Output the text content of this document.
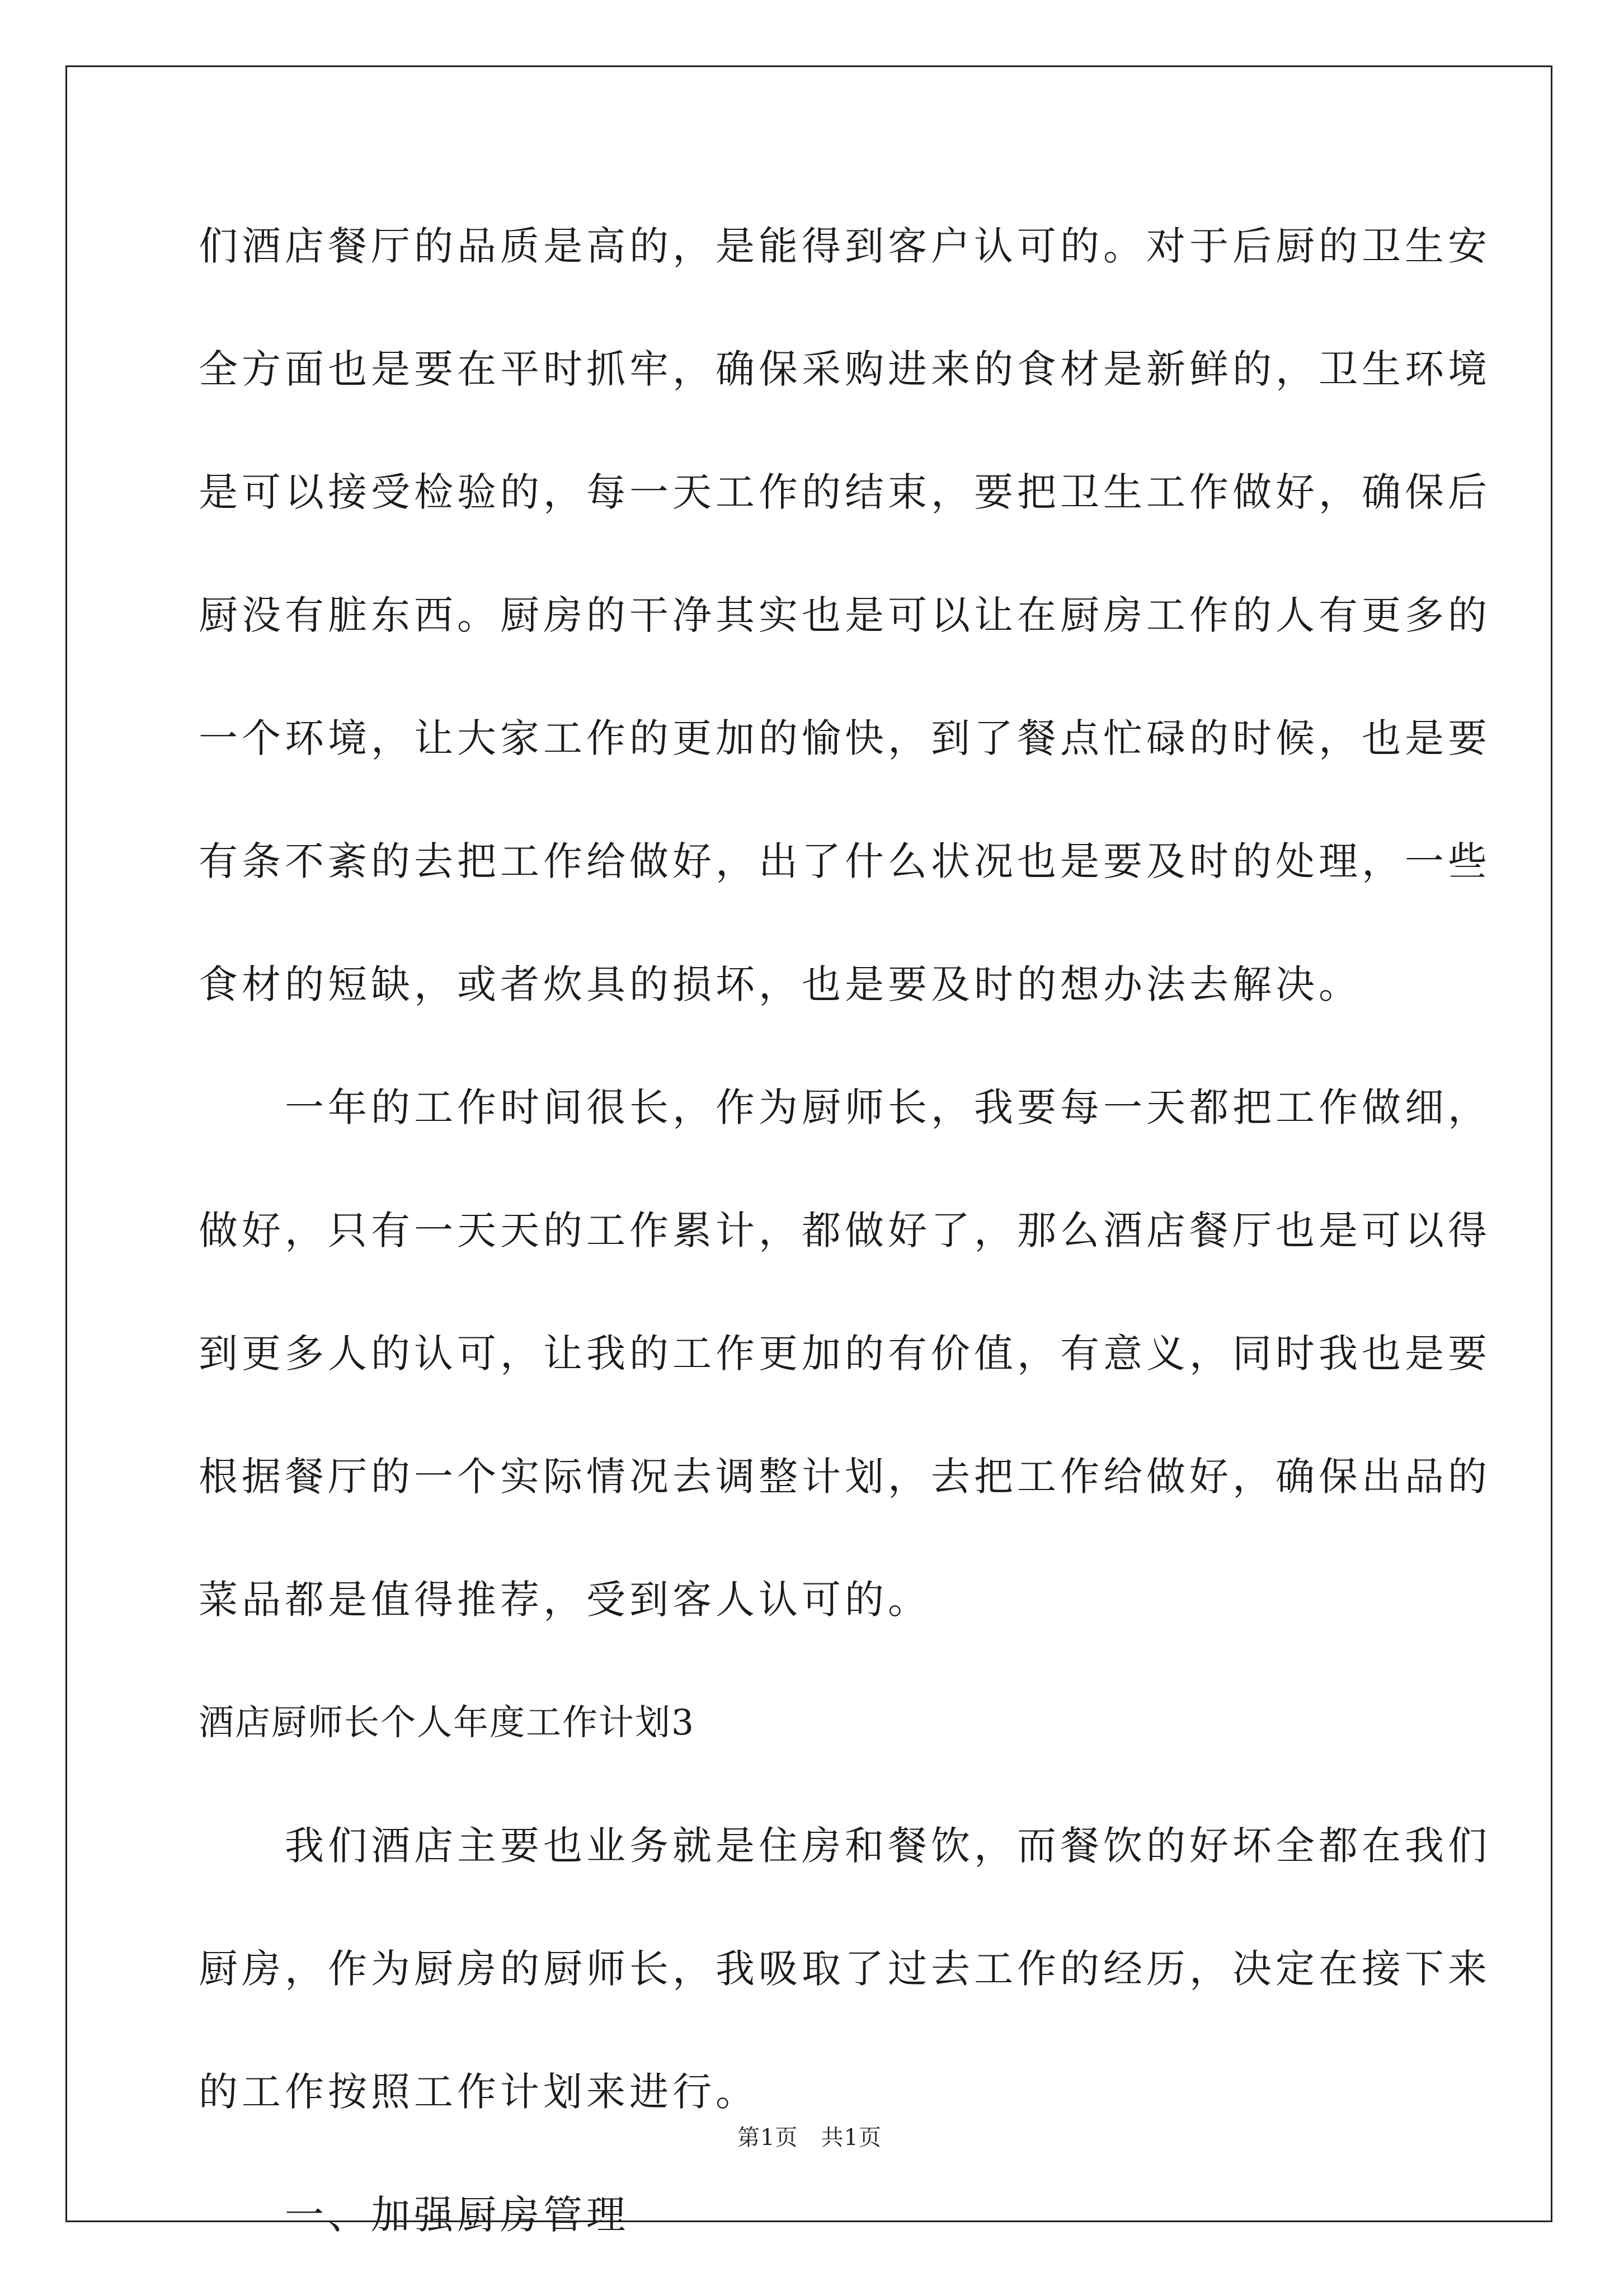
们酒店餐厅的品质是高的，是能得到客户认可的。对于后厨的卫生安
全方面也是要在平时抓牢，确保采购进来的食材是新鲜的，卫生环境
是可以接受检验的，每一天工作的结束，要把卫生工作做好，确保后
厨没有脏东西。厨房的干净其实也是可以让在厨房工作的人有更多的
一个环境，让大家工作的更加的愉快，到了餐点忙碌的时候，也是要
有条不紊的去把工作给做好，出了什么状况也是要及时的处理，一些
食材的短缺，或者炊具的损坏，也是要及时的想办法去解决。
　　一年的工作时间很长，作为厨师长，我要每一天都把工作做细，
做好，只有一天天的工作累计，都做好了，那么酒店餐厅也是可以得
到更多人的认可，让我的工作更加的有价值，有意义，同时我也是要
根据餐厅的一个实际情况去调整计划，去把工作给做好，确保出品的
菜品都是值得推荐，受到客人认可的。
酒店厨师长个人年度工作计划3
　　我们酒店主要也业务就是住房和餐饮，而餐饮的好坏全都在我们
厨房，作为厨房的厨师长，我吸取了过去工作的经历，决定在接下来
的工作按照工作计划来进行。
　　一、加强厨房管理
第1页　共1页
